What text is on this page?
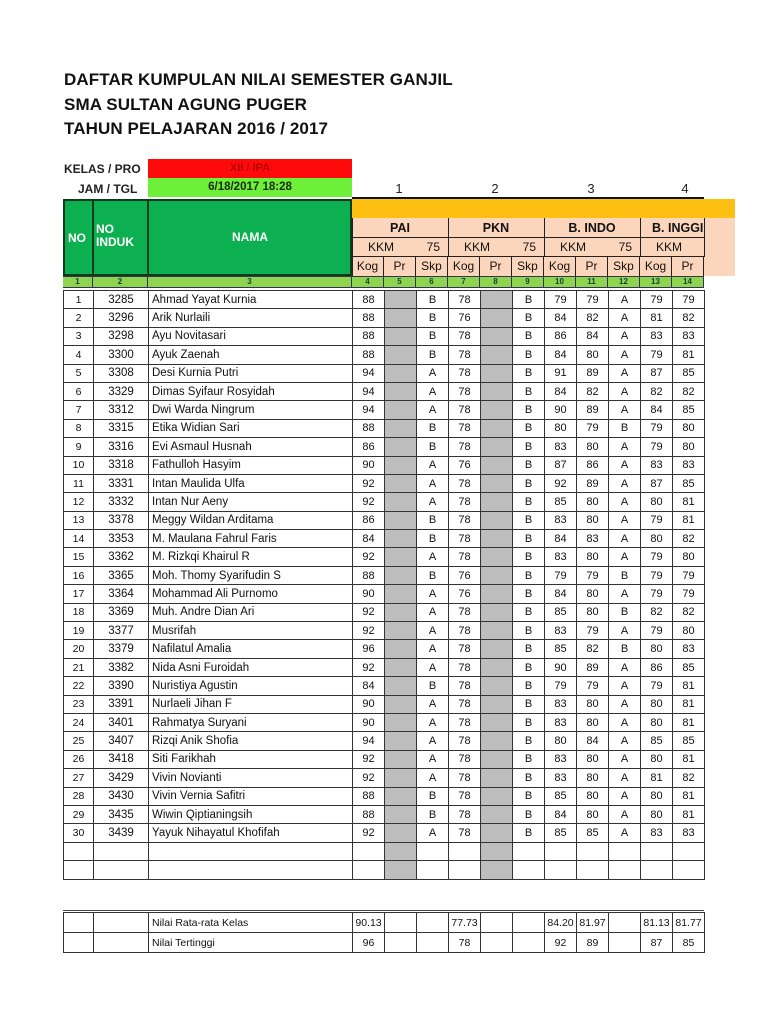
DAFTAR KUMPULAN NILAI SEMESTER GANJIL
SMA SULTAN AGUNG PUGER
TAHUN PELAJARAN 2016 / 2017
KELAS / PRO	XII / IPA
JAM / TGL	6/18/2017 18:28	1	2	3	4
NO
NO
INDUK	NAMA
PAI	PKN	B. INDO	B. INGGI
KKM	75 KKM	75 KKM	75 KKM
Kog	Pr	Skp Kog	Pr	Skp Kog	Pr	Skp Kog	Pr
1	2	3	4	5	6	7	8	9	10	11	12	13	14
1	3285	Ahmad Yayat Kurnia	88		B	78		B	79	79	A	79	79
2	3296	Arik Nurlaili	88		B	76		B	84	82	A	81	82
3	3298	Ayu Novitasari	88		B	78		B	86	84	A	83	83
4	3300	Ayuk Zaenah	88		B	78		B	84	80	A	79	81
5	3308	Desi Kurnia Putri	94		A	78		B	91	89	A	87	85
6	3329	Dimas Syifaur Rosyidah	94		A	78		B	84	82	A	82	82
7	3312	Dwi Warda Ningrum	94		A	78		B	90	89	A	84	85
8	3315	Etika Widian Sari	88		B	78		B	80	79	B	79	80
9	3316	Evi Asmaul Husnah	86		B	78		B	83	80	A	79	80
10	3318	Fathulloh Hasyim	90		A	76		B	87	86	A	83	83
11	3331	Intan Maulida Ulfa	92		A	78		B	92	89	A	87	85
12	3332	Intan Nur Aeny	92		A	78		B	85	80	A	80	81
13	3378	Meggy Wildan Arditama	86		B	78		B	83	80	A	79	81
14	3353	M. Maulana Fahrul Faris	84		B	78		B	84	83	A	80	82
15	3362	M. Rizkqi Khairul R	92		A	78		B	83	80	A	79	80
16	3365	Moh. Thomy Syarifudin S	88		B	76		B	79	79	B	79	79
17	3364	Mohammad Ali Purnomo	90		A	76		B	84	80	A	79	79
18	3369	Muh. Andre Dian Ari	92		A	78		B	85	80	B	82	82
19	3377	Musrifah	92		A	78		B	83	79	A	79	80
20	3379	Nafilatul Amalia	96		A	78		B	85	82	B	80	83
21	3382	Nida Asni Furoidah	92		A	78		B	90	89	A	86	85
22	3390	Nuristiya Agustin	84		B	78		B	79	79	A	79	81
23	3391	Nurlaeli Jihan F	90		A	78		B	83	80	A	80	81
24	3401	Rahmatya Suryani	90		A	78		B	83	80	A	80	81
25	3407	Rizqi Anik Shofia	94		A	78		B	80	84	A	85	85
26	3418	Siti Farikhah	92		A	78		B	83	80	A	80	81
27	3429	Vivin Novianti	92		A	78		B	83	80	A	81	82
28	3430	Vivin Vernia Safitri	88		B	78		B	85	80	A	80	81
29	3435	Wiwin Qiptianingsih	88		B	78		B	84	80	A	80	81
30	3439	Yayuk Nihayatul Khofifah	92		A	78		B	85	85	A	83	83

		Nilai Rata-rata Kelas	90.13			77.73			84.20	81.97		81.13	81.77
		Nilai Tertinggi	96			78			92	89		87	85
